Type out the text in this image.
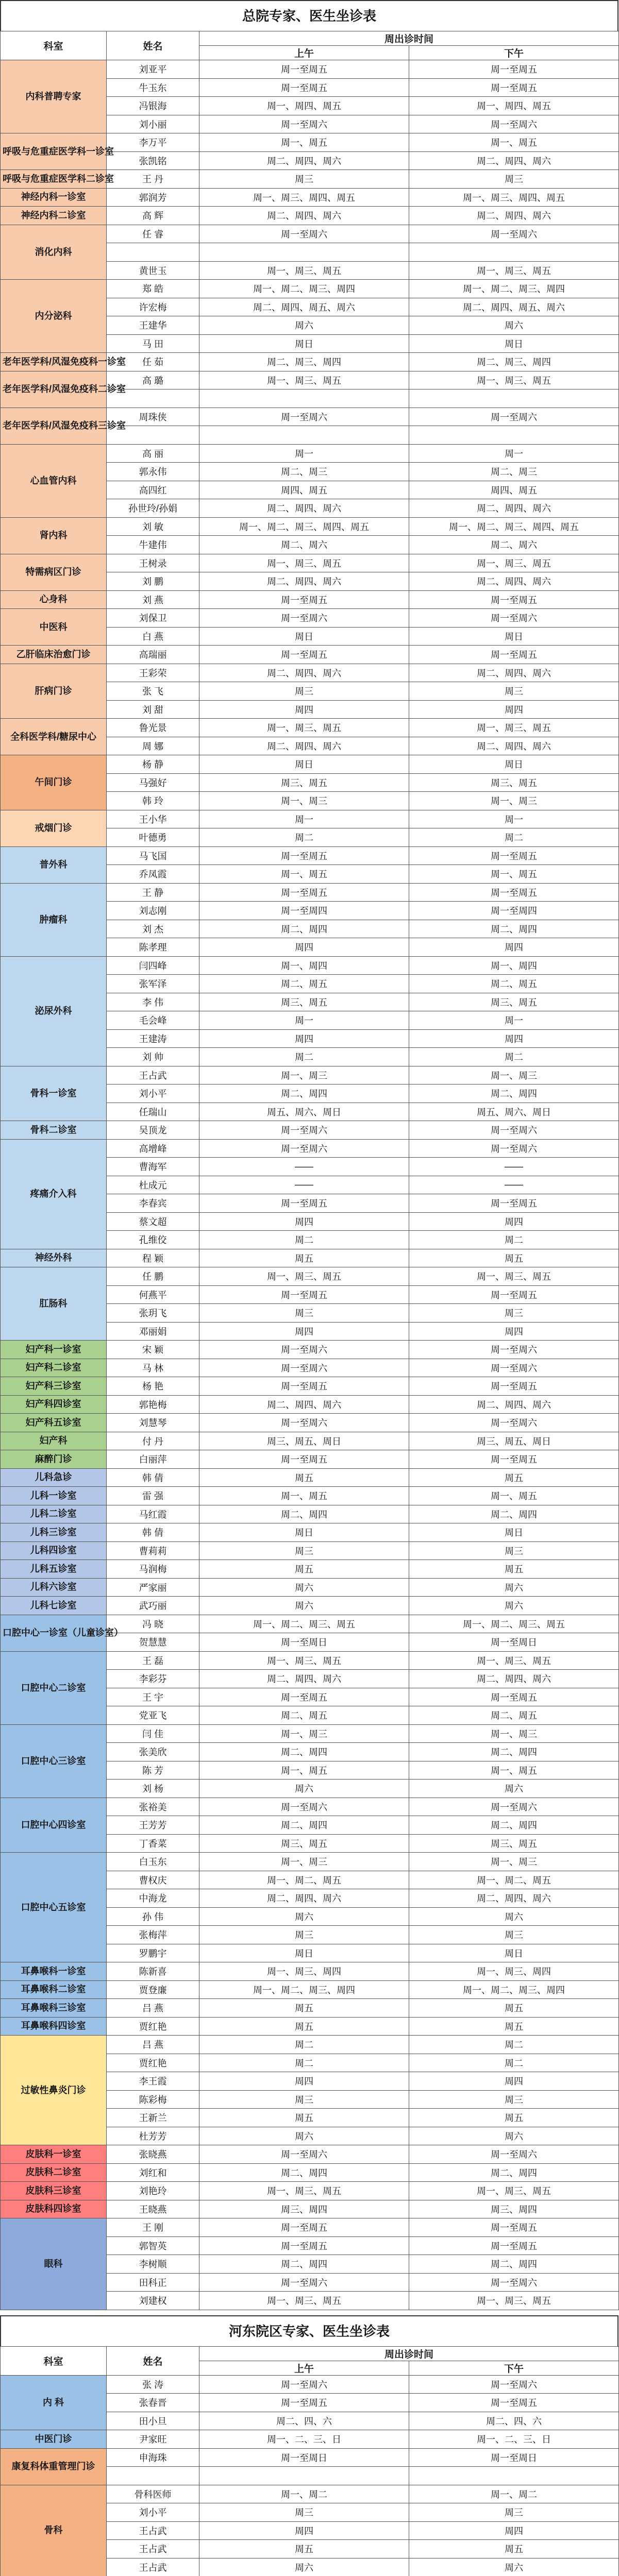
总院专家、医生坐诊表
科室	姓名	周出诊时间	
		上午	下午
内科普聘专家	刘亚平	周一至周五	周一至周五
	牛玉东	周一至周五	周一至周五
	冯银海	周一、周四、周五	周一、周四、周五
	刘小丽	周一至周六	周一至周六
呼吸与危重症医学科一诊室	李万平	周一、周五	周一、周五
	张凯铭	周二、周四、周六	周二、周四、周六
呼吸与危重症医学科二诊室	王 丹	周三	周三
神经内科一诊室	郭润芳	周一、周三、周四、周五	周一、周三、周四、周五
神经内科二诊室	高 辉	周二、周四、周六	周二、周四、周六
消化内科	任 睿	周一至周六	周一至周六

	黄世玉	周一、周三、周五	周一、周三、周五
内分泌科	郑 皓	周一、周二、周三、周四	周一、周二、周三、周四
	许宏梅	周二、周四、周五、周六	周二、周四、周五、周六
	王建华	周六	周六
	马 田	周日	周日
老年医学科/风湿免疫科一诊室	任 茹	周二、周三、周四	周二、周三、周四
老年医学科/风湿免疫科二诊室	高 璐	周一、周三、周五	周一、周三、周五

老年医学科/风湿免疫科三诊室	周珠侠	周一至周六	周一至周六

心血管内科	高 丽	周一	周一
	郭永伟	周二、周三	周二、周三
	高四红	周四、周五	周四、周五
	孙世玲/孙娟	周二、周四、周六	周二、周四、周六
肾内科	刘 敏	周一、周二、周三、周四、周五	周一、周二、周三、周四、周五
	牛建伟	周二、周六	周二、周六
特需病区门诊	王树录	周一、周三、周五	周一、周三、周五
	刘 鹏	周二、周四、周六	周二、周四、周六
心身科	刘 燕	周一至周五	周一至周五
中医科	刘保卫	周一至周六	周一至周六
	白 燕	周日	周日
乙肝临床治愈门诊	高瑞丽	周一至周五	周一至周五
肝病门诊	王彩荣	周二、周四、周六	周二、周四、周六
	张 飞	周三	周三
	刘 甜	周四	周四
全科医学科/糖尿中心	鲁光景	周一、周三、周五	周一、周三、周五
	周 娜	周二、周四、周六	周二、周四、周六
午间门诊	杨 静	周日	周日
	马强好	周三、周五	周三、周五
	韩 玲	周一、周三	周一、周三
戒烟门诊	王小华	周一	周一
	叶德勇	周二	周二
普外科	马飞国	周一至周五	周一至周五
	乔凤霞	周一、周五	周一、周五
肿瘤科	王 静	周一至周五	周一至周五
	刘志刚	周一至周四	周一至周四
	刘 杰	周二、周四	周二、周四
	陈孝理	周四	周四
泌尿外科	闫四峰	周一、周四	周一、周四
	张军泽	周二、周五	周二、周五
	李 伟	周三、周五	周三、周五
	毛会峰	周一	周一
	王建涛	周四	周四
	刘 帅	周二	周二
骨科一诊室	王占武	周一、周三	周一、周三
	刘小平	周二、周四	周二、周四
	任瑞山	周五、周六、周日	周五、周六、周日
骨科二诊室	吴顶龙	周一至周六	周一至周六
疼痛介入科	高增峰	周一至周六	周一至周六
	曹海军	——	——
	杜成元	——	——
	李春宾	周一至周五	周一至周五
	蔡文超	周四	周四
	孔维佼	周二	周二
神经外科	程 颖	周五	周五
肛肠科	任 鹏	周一、周三、周五	周一、周三、周五
	何燕平	周一至周五	周一至周五
	张玥飞	周三	周三
	邓丽娟	周四	周四
妇产科一诊室	宋 颖	周一至周六	周一至周六
妇产科二诊室	马 林	周一至周六	周一至周六
妇产科三诊室	杨 艳	周一至周五	周一至周五
妇产科四诊室	郭艳梅	周二、周四、周六	周二、周四、周六
妇产科五诊室	刘慧琴	周一至周六	周一至周六
妇产科	付 丹	周三、周五、周日	周三、周五、周日
麻醉门诊	白丽萍	周一至周五	周一至周五
儿科急诊	韩 倩	周五	周五
儿科一诊室	雷 强	周一、周五	周一、周五
儿科二诊室	马红霞	周二、周四	周二、周四
儿科三诊室	韩 倩	周日	周日
儿科四诊室	曹莉莉	周三	周三
儿科五诊室	马润梅	周五	周五
儿科六诊室	严家丽	周六	周六
儿科七诊室	武巧丽	周六	周六
口腔中心一诊室（儿童诊室）	冯 晓	周一、周二、周三、周五	周一、周二、周三、周五
	贺慧慧	周一至周日	周一至周日
口腔中心二诊室	王 磊	周一、周三、周五	周一、周三、周五
	李彩芬	周二、周四、周六	周二、周四、周六
	王 宇	周一至周五	周一至周五
	党亚飞	周二、周五	周二、周五
口腔中心三诊室	闫 佳	周一、周三	周一、周三
	张美欣	周二、周四	周二、周四
	陈 芳	周一、周五	周一、周五
	刘 杨	周六	周六
口腔中心四诊室	张裕美	周一至周六	周一至周六
	王芳芳	周二、周四	周二、周四
	丁香菜	周三、周五	周三、周五
口腔中心五诊室	白玉东	周一、周三	周一、周三
	曹权庆	周一、周二、周五	周一、周二、周五
	中海龙	周二、周四、周六	周二、周四、周六
	孙 伟	周六	周六
	张梅萍	周三	周三
	罗鹏宇	周日	周日
耳鼻喉科一诊室	陈新喜	周一、周三、周四	周一、周三、周四
耳鼻喉科二诊室	贾登廉	周一、周二、周三、周四	周一、周二、周三、周四
耳鼻喉科三诊室	吕 燕	周五	周五
耳鼻喉科四诊室	贾红艳	周五	周五
过敏性鼻炎门诊	吕 燕	周二	周二
	贾红艳	周二	周二
	李王霞	周四	周四
	陈彩梅	周三	周三
	王新兰	周五	周五
	杜芳芳	周六	周六
皮肤科一诊室	张晓燕	周一至周六	周一至周六
皮肤科二诊室	刘红和	周二、周四	周二、周四
皮肤科三诊室	刘艳玲	周一、周三、周五	周一、周三、周五
皮肤科四诊室	王晓燕	周三、周四	周三、周四
眼科	王 刚	周一至周五	周一至周五
	郭智英	周一至周五	周一至周五
	李树顺	周二、周四	周二、周四
	田科正	周一至周六	周一至周六
	刘建权	周一、周三、周五	周一、周三、周五
河东院区专家、医生坐诊表
科室	姓名	周出诊时间	
		上午	下午
内 科	张 涛	周一至周六	周一至周六
	张春晋	周一至周五	周一至周五
	田小旦	周二、四、六	周二、四、六
中医门诊	尹家旺	周一、二、三、日	周一、二、三、日
康复科体重管理门诊	申海珠	周一至周日	周一至周日

骨科	骨科医师	周一、周二	周一、周二
	刘小平	周三	周三
	王占武	周四	周四
	王占武	周五	周五
	王占武	周六	周六
